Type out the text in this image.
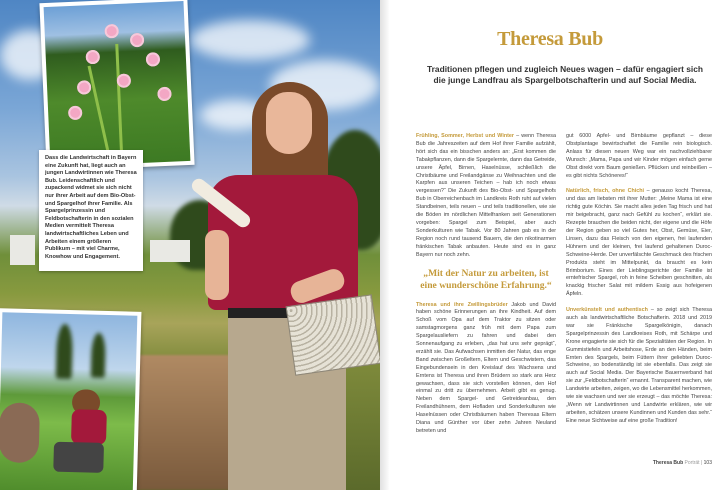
Dass die Landwirtschaft in Bayern eine Zukunft hat, liegt auch an jungen Landwirtinnen wie Theresa Bub. Leidenschaftlich und zupackend widmet sie sich nicht nur ihrer Arbeit auf dem Bio-Obst- und Spargelhof ihrer Familie. Als Spargelprinzessin und Feldbotschafterin in den sozialen Medien vermittelt Theresa landwirtschaftliches Leben und Arbeiten einem größeren Publikum – mit viel Charme, Knowhow und Engagement.

Theresa Bub
Traditionen pflegen und zugleich Neues wagen – dafür engagiert sich die junge Landfrau als Spargelbotschafterin und auf Social Media.

Frühling, Sommer, Herbst und Winter – wenn Theresa Bub die Jahreszeiten auf dem Hof ihrer Familie aufzählt, hört sich das ein bisschen anders an: „Erst kommen die Tabakpflanzen, dann die Spargelernte, dann das Getreide, unsere Äpfel, Birnen, Haselnüsse, schließlich die Christbäume und Freilandgänse zu Weihnachten und die Karpfen aus unseren Teichen – hab ich noch etwas vergessen?“ Die Zukunft des Bio-Obst- und Spargelhofs Bub in Oberreichenbach im Landkreis Roth ruht auf vielen Standbeinen, teils neuen – und teils traditionellen, wie sie die Böden im nördlichen Mittelfranken seit Generationen vorgeben: Spargel zum Beispiel, aber auch Sonderkulturen wie Tabak. Vor 80 Jahren gab es in der Region noch rund tausend Bauern, die den nikotinarmen fränkischen Tabak anbauten. Heute sind es in ganz Bayern nur noch zehn.

„Mit der Natur zu arbeiten, ist eine wunderschöne Erfahrung.“

Theresa und ihre Zwillingsbrüder Jakob und David haben schöne Erinnerungen an ihre Kindheit. Auf dem Schoß vom Opa auf dem Traktor zu sitzen oder samstagmorgens ganz früh mit dem Papa zum Spargelausliefern zu fahren und dabei den Sonnenaufgang zu erleben, „das hat uns sehr geprägt“, erzählt sie. Das Aufwachsen inmitten der Natur, das enge Band zwischen Großeltern, Eltern und Geschwistern, das Eingebundensein in den Kreislauf des Wachsens und Erntens ist Theresa und ihren Brüdern so stark ans Herz gewachsen, dass sie sich vorstellen können, den Hof einmal zu dritt zu übernehmen. Arbeit gibt es genug. Neben dem Spargel- und Getreideanbau, den Freilandhühnern, dem Hofladen und Sonderkulturen wie Haselnüssen oder Christbäumen haben Theresas Eltern Diana und Günther vor über zehn Jahren Neuland betreten und

gut 6000 Apfel- und Birnbäume gepflanzt – diese Obstplantage bewirtschaftet die Familie rein biologisch. Anlass für diesen neuen Weg war ein nachvollziehbarer Wunsch: „Mama, Papa und wir Kinder mögen einfach gerne Obst direkt vom Baum genießen. Pflücken und reinbeißen – es gibt nichts Schöneres!“

Natürlich, frisch, ohne Chichi – genauso kocht Theresa, und das am liebsten mit ihrer Mutter: „Meine Mama ist eine richtig gute Köchin. Sie macht alles jeden Tag frisch und hat mir beigebracht, ganz nach Gefühl zu kochen“, erklärt sie. Rezepte brauchen die beiden nicht, der eigene und die Höfe der Region geben so viel Gutes her, Obst, Gemüse, Eier, Linsen, dazu das Fleisch von den eigenen, frei laufenden Hühnern und der kleinen, frei laufend gehaltenen Duroc-Schweine-Herde. Der unverfälschte Geschmack des frischen Produkts steht im Mittelpunkt, da braucht es kein Brimborium. Eines der Lieblingsgerichte der Familie ist erntefrischer Spargel, roh in feine Scheiben geschnitten, als knackig frischer Salat mit mildem Essig aus hofeigenen Äpfeln.

Unverkünstelt und authentisch – so zeigt sich Theresa auch als landwirtschaftliche Botschafterin. 2018 und 2019 war sie Fränkische Spargelkönigin, danach Spargelprinzessin des Landkreises Roth, mit Schärpe und Krone engagierte sie sich für die Spezialitäten der Region. In Gummistiefeln und Arbeitshose, Erde an den Händen, beim Ernten des Spargels, beim Füttern ihrer geliebten Duroc-Schweine, so bodenständig ist sie ebenfalls. Das zeigt sie auch auf Social Media. Der Bayerische Bauernverband hat sie zur „Feldbotschafterin“ ernannt. Transparent machen, wie Landwirte arbeiten, zeigen, wo die Lebensmittel herkommen, wie sie wachsen und wer sie erzeugt – das möchte Theresa: „Wenn wir Landwirtinnen und Landwirte erklären, wie wir arbeiten, schätzen unsere Kundinnen und Kunden das sehr.“ Eine neue Sichtweise auf eine große Tradition!

Theresa Bub Porträt | 103
